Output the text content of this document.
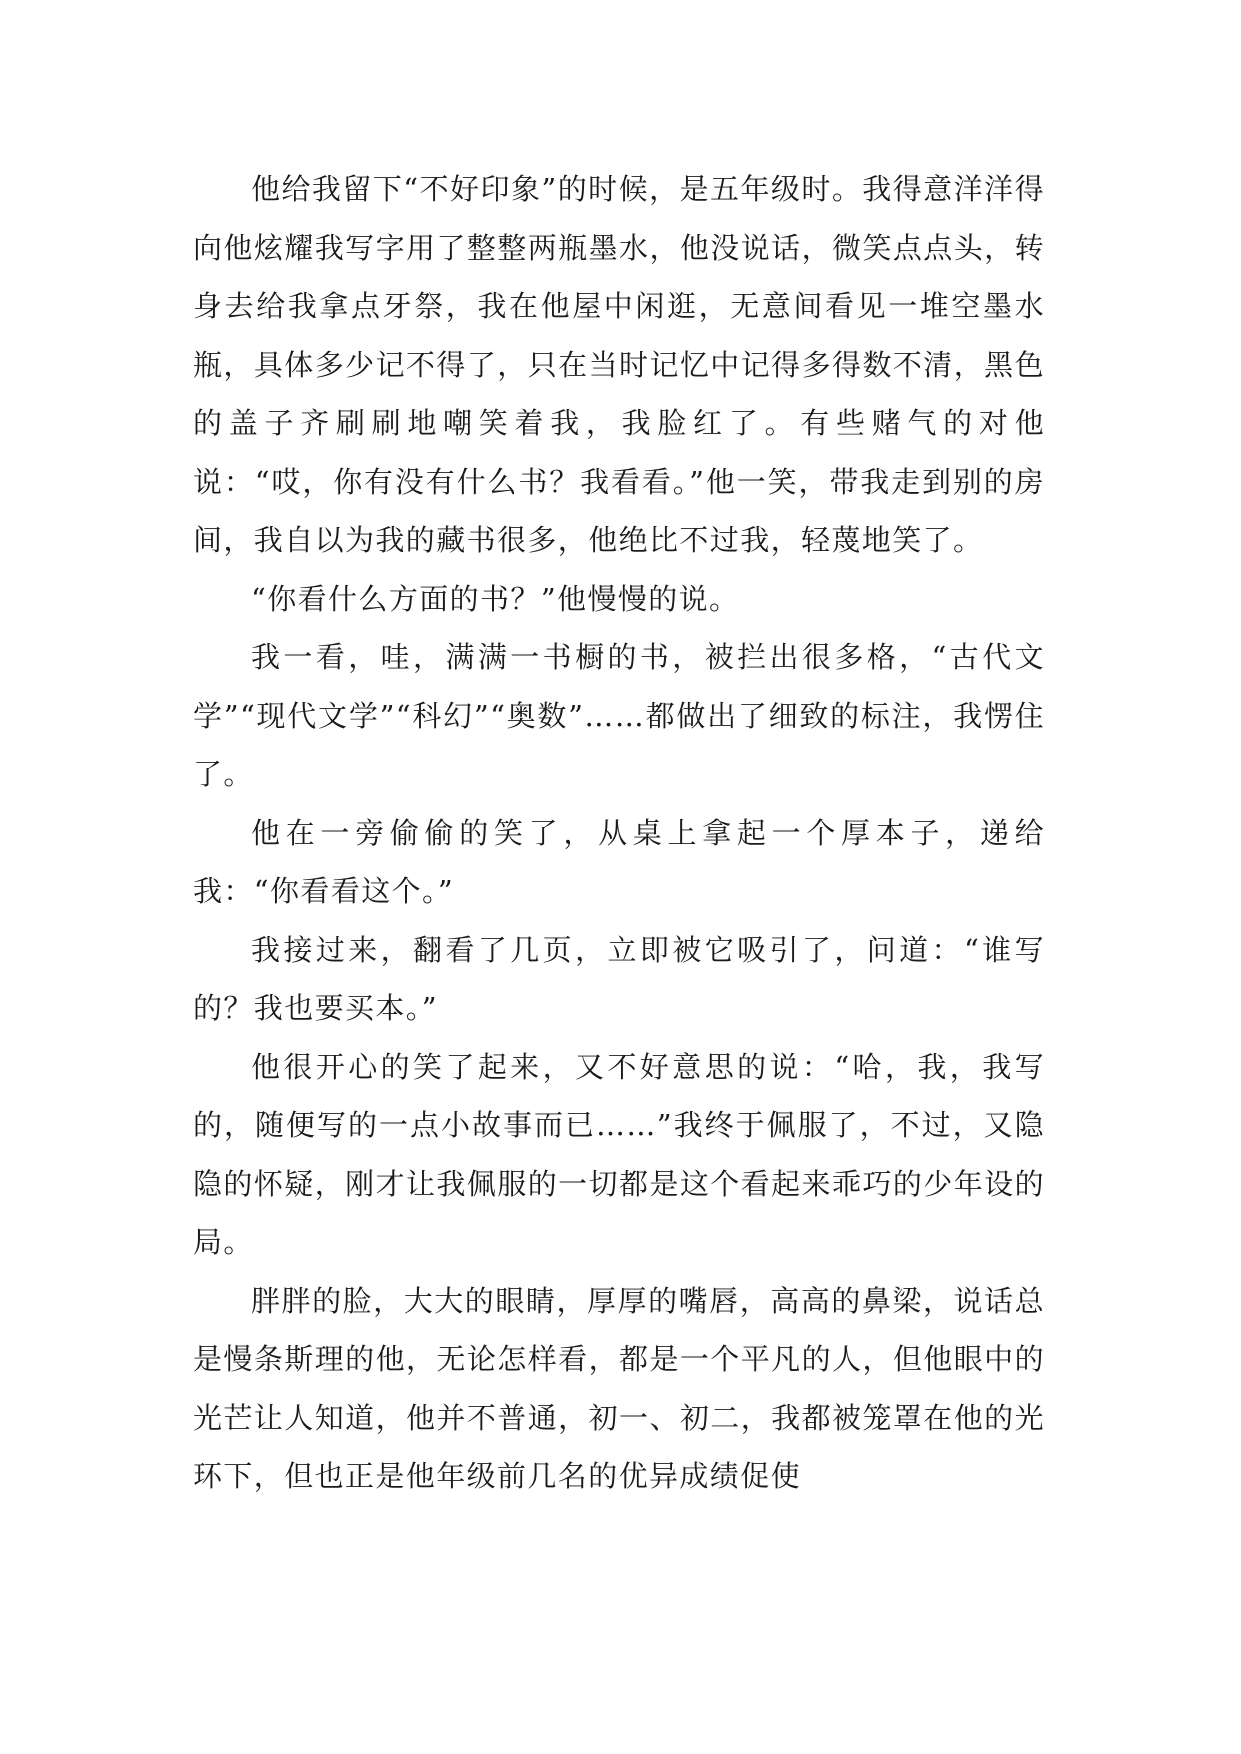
他给我留下“不好印象”的时候，是五年级时。我得意洋洋得向他炫耀我写字用了整整两瓶墨水，他没说话，微笑点点头，转身去给我拿点牙祭，我在他屋中闲逛，无意间看见一堆空墨水瓶，具体多少记不得了，只在当时记忆中记得多得数不清，黑色的盖子齐刷刷地嘲笑着我，我脸红了。有些赌气的对他说：“哎，你有没有什么书？我看看。”他一笑，带我走到别的房间，我自以为我的藏书很多，他绝比不过我，轻蔑地笑了。

“你看什么方面的书？”他慢慢的说。

我一看，哇，满满一书橱的书，被拦出很多格，“古代文学”“现代文学”“科幻”“奥数”……都做出了细致的标注，我愣住了。

他在一旁偷偷的笑了，从桌上拿起一个厚本子，递给我：“你看看这个。”

我接过来，翻看了几页，立即被它吸引了，问道：“谁写的？我也要买本。”

他很开心的笑了起来，又不好意思的说：“哈，我，我写的，随便写的一点小故事而已……”我终于佩服了，不过，又隐隐的怀疑，刚才让我佩服的一切都是这个看起来乖巧的少年设的局。

胖胖的脸，大大的眼睛，厚厚的嘴唇，高高的鼻梁，说话总是慢条斯理的他，无论怎样看，都是一个平凡的人，但他眼中的光芒让人知道，他并不普通，初一、初二，我都被笼罩在他的光环下，但也正是他年级前几名的优异成绩促使
